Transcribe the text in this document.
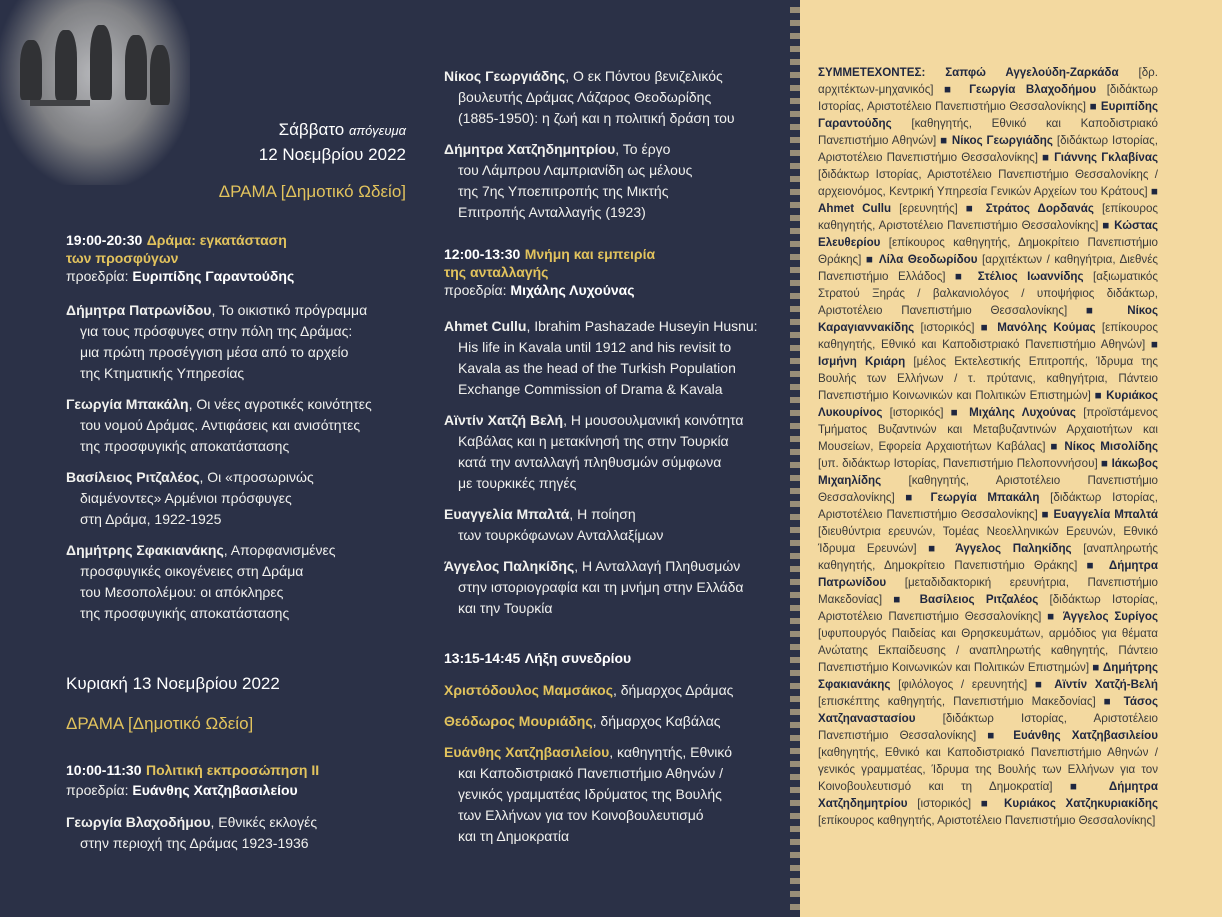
Σάββατο απόγευμα
12 Νοεμβρίου 2022
ΔΡΑΜΑ [Δημοτικό Ωδείο]
19:00-20:30 Δράμα: εγκατάσταση
των προσφύγων
προεδρία: Ευριπίδης Γαραντούδης
Δήμητρα Πατρωνίδου, Το οικιστικό πρόγραμμα
για τους πρόσφυγες στην πόλη της Δράμας:
μια πρώτη προσέγγιση μέσα από το αρχείο
της Κτηματικής Υπηρεσίας
Γεωργία Μπακάλη, Οι νέες αγροτικές κοινότητες
του νομού Δράμας. Αντιφάσεις και ανισότητες
της προσφυγικής αποκατάστασης
Βασίλειος Ριτζαλέος, Οι «προσωρινώς
διαμένοντες» Αρμένιοι πρόσφυγες
στη Δράμα, 1922-1925
Δημήτρης Σφακιανάκης, Απορφανισμένες
προσφυγικές οικογένειες στη Δράμα
του Μεσοπολέμου: οι απόκληρες
της προσφυγικής αποκατάστασης
Κυριακή 13 Νοεμβρίου 2022
ΔΡΑΜΑ [Δημοτικό Ωδείο]
10:00-11:30 Πολιτική εκπροσώπηση ΙΙ
προεδρία: Ευάνθης Χατζηβασιλείου
Γεωργία Βλαχοδήμου, Εθνικές εκλογές
στην περιοχή της Δράμας 1923-1936
Νίκος Γεωργιάδης, Ο εκ Πόντου βενιζελικός
βουλευτής Δράμας Λάζαρος Θεοδωρίδης
(1885-1950): η ζωή και η πολιτική δράση του
Δήμητρα Χατζηδημητρίου, Το έργο
του Λάμπρου Λαμπριανίδη ως μέλους
της 7ης Υποεπιτροπής της Μικτής
Επιτροπής Ανταλλαγής (1923)
12:00-13:30 Μνήμη και εμπειρία
της ανταλλαγής
προεδρία: Μιχάλης Λυχούνας
Ahmet Cullu, Ibrahim Pashazade Huseyin Husnu:
His life in Kavala until 1912 and his revisit to
Kavala as the head of the Turkish Population
Exchange Commission of Drama & Kavala
Αϊντίν Χατζή Βελή, Η μουσουλμανική κοινότητα
Καβάλας και η μετακίνησή της στην Τουρκία
κατά την ανταλλαγή πληθυσμών σύμφωνα
με τουρκικές πηγές
Ευαγγελία Μπαλτά, Η ποίηση
των τουρκόφωνων Ανταλλαξίμων
Άγγελος Παληκίδης, Η Ανταλλαγή Πληθυσμών
στην ιστοριογραφία και τη μνήμη στην Ελλάδα
και την Τουρκία
13:15-14:45 Λήξη συνεδρίου
Χριστόδουλος Μαμσάκος, δήμαρχος Δράμας
Θεόδωρος Μουριάδης, δήμαρχος Καβάλας
Ευάνθης Χατζηβασιλείου, καθηγητής, Εθνικό
και Καποδιστριακό Πανεπιστήμιο Αθηνών /
γενικός γραμματέας Ιδρύματος της Βουλής
των Ελλήνων για τον Κοινοβουλευτισμό
και τη Δημοκρατία
ΣΥΜΜΕΤΕΧΟΝΤΕΣ: Σαπφώ Αγγελούδη-Ζαρκάδα [δρ. αρχιτέκτων-μηχανικός] ■ Γεωργία Βλαχοδήμου [διδάκτωρ Ιστορίας, Αριστοτέλειο Πανεπιστήμιο Θεσσαλονίκης] ■ Ευριπίδης Γαραντούδης [καθηγητής, Εθνικό και Καποδιστριακό Πανεπιστήμιο Αθηνών] ■ Νίκος Γεωργιάδης [διδάκτωρ Ιστορίας, Αριστοτέλειο Πανεπιστήμιο Θεσσαλονίκης] ■ Γιάννης Γκλαβίνας [διδάκτωρ Ιστορίας, Αριστοτέλειο Πανεπιστήμιο Θεσσαλονίκης / αρχειονόμος, Κεντρική Υπηρεσία Γενικών Αρχείων του Κράτους] ■ Ahmet Cullu [ερευνητής] ■ Στράτος Δορδανάς [επίκουρος καθηγητής, Αριστοτέλειο Πανεπιστήμιο Θεσσαλονίκης] ■ Κώστας Ελευθερίου [επίκουρος καθηγητής, Δημοκρίτειο Πανεπιστήμιο Θράκης] ■ Λίλα Θεοδωρίδου [αρχιτέκτων / καθηγήτρια, Διεθνές Πανεπιστήμιο Ελλάδος] ■ Στέλιος Ιωαννίδης [αξιωματικός Στρατού Ξηράς / βαλκανιολόγος / υποψήφιος διδάκτωρ, Αριστοτέλειο Πανεπιστήμιο Θεσσαλονίκης] ■ Νίκος Καραγιαννακίδης [ιστορικός] ■ Μανόλης Κούμας [επίκουρος καθηγητής, Εθνικό και Καποδιστριακό Πανεπιστήμιο Αθηνών] ■ Ισμήνη Κριάρη [μέλος Εκτελεστικής Επιτροπής, Ίδρυμα της Βουλής των Ελλήνων / τ. πρύτανις, καθηγήτρια, Πάντειο Πανεπιστήμιο Κοινωνικών και Πολιτικών Επιστημών] ■ Κυριάκος Λυκουρίνος [ιστορικός] ■ Μιχάλης Λυχούνας [προϊστάμενος Τμήματος Βυζαντινών και Μεταβυζαντινών Αρχαιοτήτων και Μουσείων, Εφορεία Αρχαιοτήτων Καβάλας] ■ Νίκος Μισολίδης [υπ. διδάκτωρ Ιστορίας, Πανεπιστήμιο Πελοποννήσου] ■ Ιάκωβος Μιχαηλίδης [καθηγητής, Αριστοτέλειο Πανεπιστήμιο Θεσσαλονίκης] ■ Γεωργία Μπακάλη [διδάκτωρ Ιστορίας, Αριστοτέλειο Πανεπιστήμιο Θεσσαλονίκης] ■ Ευαγγελία Μπαλτά [διευθύντρια ερευνών, Τομέας Νεοελληνικών Ερευνών, Εθνικό Ίδρυμα Ερευνών] ■ Άγγελος Παληκίδης [αναπληρωτής καθηγητής, Δημοκρίτειο Πανεπιστήμιο Θράκης] ■ Δήμητρα Πατρωνίδου [μεταδιδακτορική ερευνήτρια, Πανεπιστήμιο Μακεδονίας] ■ Βασίλειος Ριτζαλέος [διδάκτωρ Ιστορίας, Αριστοτέλειο Πανεπιστήμιο Θεσσαλονίκης] ■ Άγγελος Συρίγος [υφυπουργός Παιδείας και Θρησκευμάτων, αρμόδιος για θέματα Ανώτατης Εκπαίδευσης / αναπληρωτής καθηγητής, Πάντειο Πανεπιστήμιο Κοινωνικών και Πολιτικών Επιστημών] ■ Δημήτρης Σφακιανάκης [φιλόλογος / ερευνητής] ■ Αϊντίν Χατζή-Βελή [επισκέπτης καθηγητής, Πανεπιστήμιο Μακεδονίας] ■ Τάσος Χατζηαναστασίου [διδάκτωρ Ιστορίας, Αριστοτέλειο Πανεπιστήμιο Θεσσαλονίκης] ■ Ευάνθης Χατζηβασιλείου [καθηγητής, Εθνικό και Καποδιστριακό Πανεπιστήμιο Αθηνών / γενικός γραμματέας, Ίδρυμα της Βουλής των Ελλήνων για τον Κοινοβουλευτισμό και τη Δημοκρατία] ■ Δήμητρα Χατζηδημητρίου [ιστορικός] ■ Κυριάκος Χατζηκυριακίδης [επίκουρος καθηγητής, Αριστοτέλειο Πανεπιστήμιο Θεσσαλονίκης]
